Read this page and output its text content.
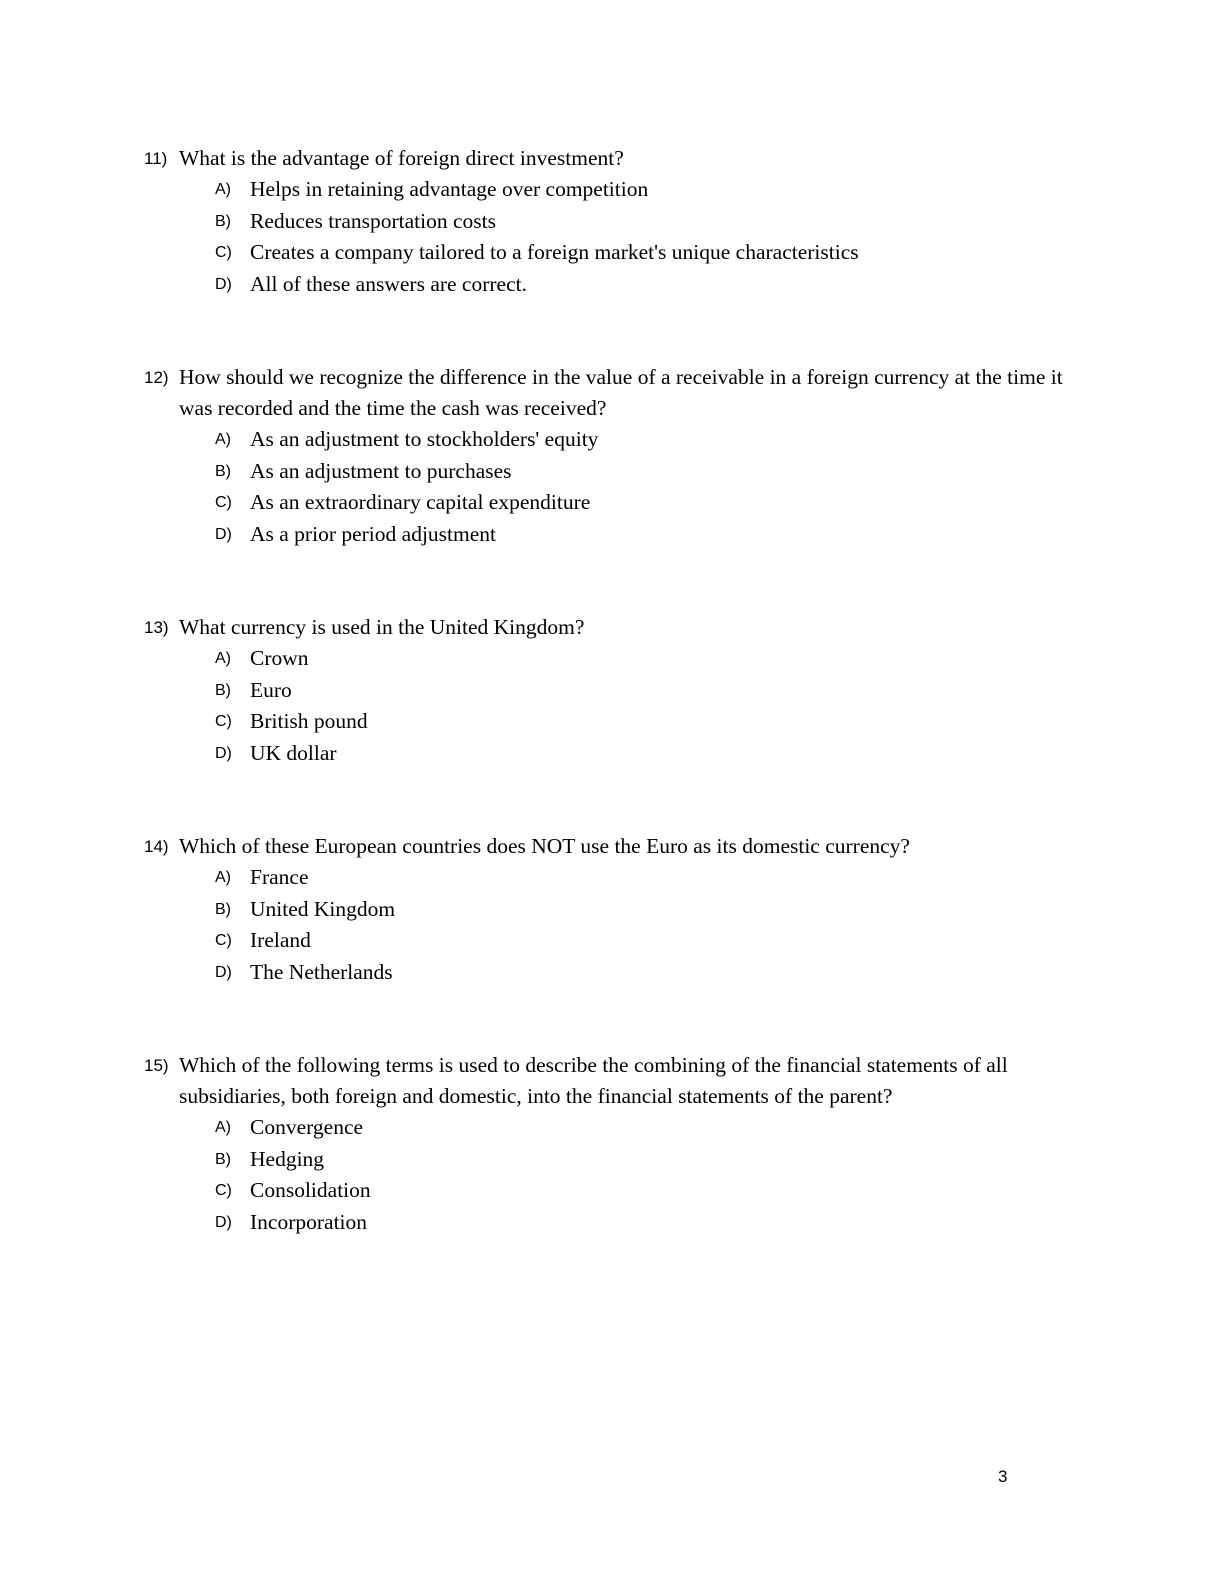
11) What is the advantage of foreign direct investment?
A) Helps in retaining advantage over competition
B) Reduces transportation costs
C) Creates a company tailored to a foreign market's unique characteristics
D) All of these answers are correct.
12) How should we recognize the difference in the value of a receivable in a foreign currency at the time it was recorded and the time the cash was received?
A) As an adjustment to stockholders' equity
B) As an adjustment to purchases
C) As an extraordinary capital expenditure
D) As a prior period adjustment
13) What currency is used in the United Kingdom?
A) Crown
B) Euro
C) British pound
D) UK dollar
14) Which of these European countries does NOT use the Euro as its domestic currency?
A) France
B) United Kingdom
C) Ireland
D) The Netherlands
15) Which of the following terms is used to describe the combining of the financial statements of all subsidiaries, both foreign and domestic, into the financial statements of the parent?
A) Convergence
B) Hedging
C) Consolidation
D) Incorporation
3
